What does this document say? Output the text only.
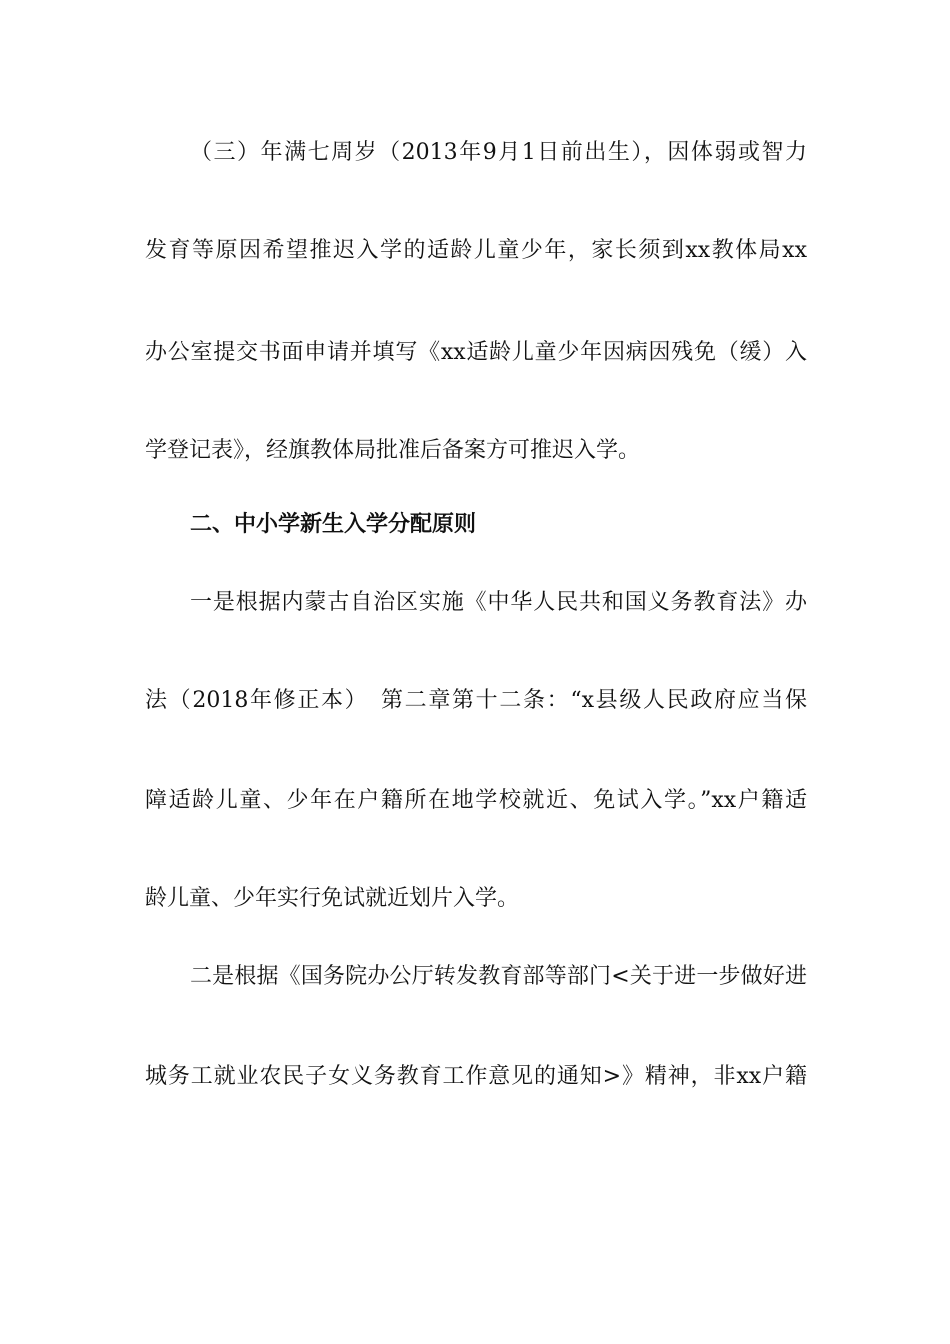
（三）年满七周岁（2013年9月1日前出生），因体弱或智力
发育等原因希望推迟入学的适龄儿童少年，家长须到xx教体局xx
办公室提交书面申请并填写《xx适龄儿童少年因病因残免（缓）入
学登记表》，经旗教体局批准后备案方可推迟入学。
二、中小学新生入学分配原则
一是根据内蒙古自治区实施《中华人民共和国义务教育法》办
法（2018年修正本）　第二章第十二条：“x县级人民政府应当保
障适龄儿童、少年在户籍所在地学校就近、免试入学。”xx户籍适
龄儿童、少年实行免试就近划片入学。
二是根据《国务院办公厅转发教育部等部门<关于进一步做好进
城务工就业农民子女义务教育工作意见的通知>》精神，非xx户籍
